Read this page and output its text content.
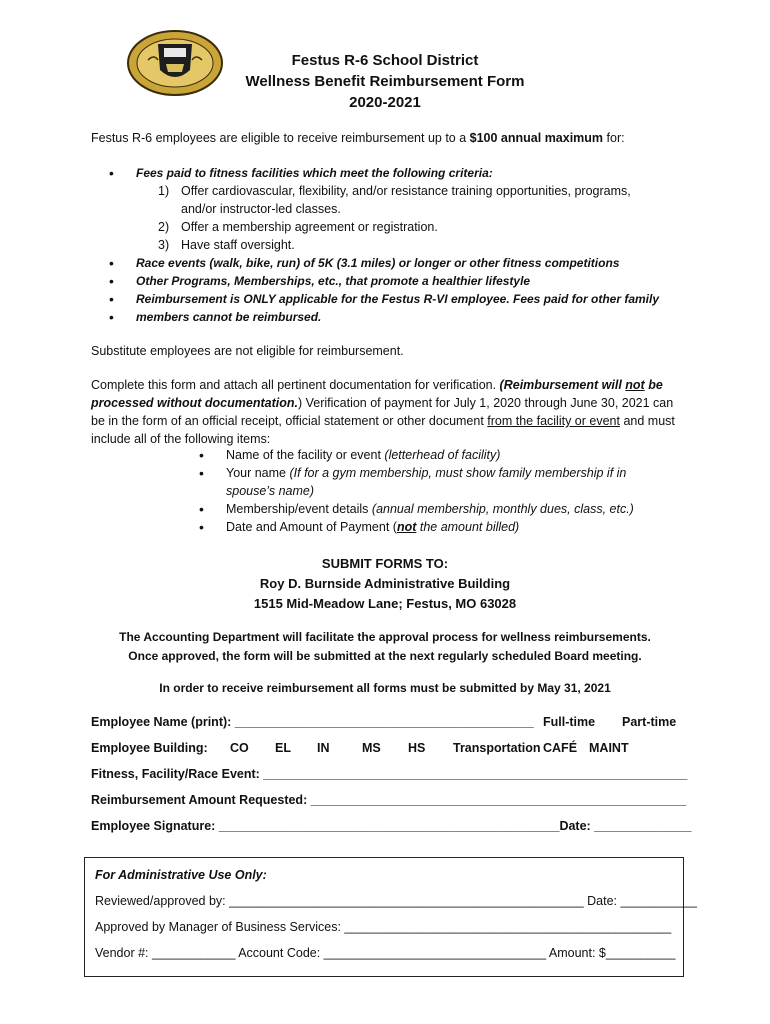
Festus R-6 School District
Wellness Benefit Reimbursement Form
2020-2021
Festus R-6 employees are eligible to receive reimbursement up to a $100 annual maximum for:
• Fees paid to fitness facilities which meet the following criteria:
1) Offer cardiovascular, flexibility, and/or resistance training opportunities, programs,
and/or instructor-led classes.
2) Offer a membership agreement or registration.
3) Have staff oversight.
• Race events (walk, bike, run) of 5K (3.1 miles) or longer or other fitness competitions
• Other Programs, Memberships, etc., that promote a healthier lifestyle
• Reimbursement is ONLY applicable for the Festus R-VI employee. Fees paid for other family
• members cannot be reimbursed.
Substitute employees are not eligible for reimbursement.
Complete this form and attach all pertinent documentation for verification. (Reimbursement will not be processed without documentation.) Verification of payment for July 1, 2020 through June 30, 2021 can be in the form of an official receipt, official statement or other document from the facility or event and must include all of the following items:
• Name of the facility or event (letterhead of facility)
• Your name (If for a gym membership, must show family membership if in
spouse’s name)
• Membership/event details (annual membership, monthly dues, class, etc.)
• Date and Amount of Payment (not the amount billed)
SUBMIT FORMS TO:
Roy D. Burnside Administrative Building
1515 Mid-Meadow Lane; Festus, MO 63028
The Accounting Department will facilitate the approval process for wellness reimbursements.
Once approved, the form will be submitted at the next regularly scheduled Board meeting.
In order to receive reimbursement all forms must be submitted by May 31, 2021
Employee Name (print): ___________________________________________ Full-time Part-time

Employee Building:

CO

EL

IN

	MS

HS

Transportation

CAFÉ

MAINT

Fitness, Facility/Race Event: _____________________________________________________________
Reimbursement Amount Requested: ______________________________________________________
Employee Signature: _________________________________________________Date: ______________
For Administrative Use Only:
Reviewed/approved by: ___________________________________________________ Date: ___________
Approved by Manager of Business Services: _______________________________________________
Vendor #: ____________ Account Code: ________________________________ Amount: $__________
